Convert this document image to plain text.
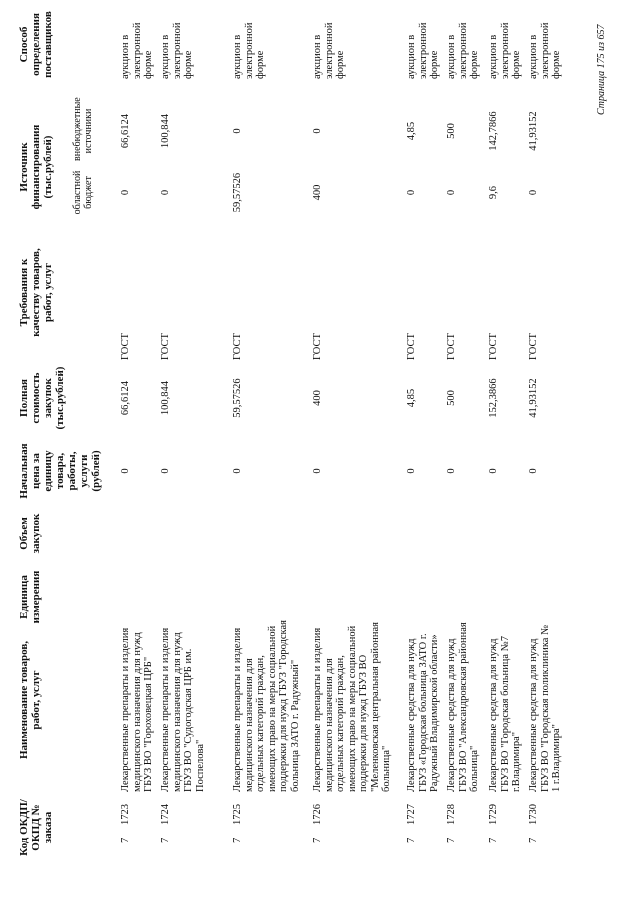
Код ОКДП/ ОКПД № заказа
Наименование товаров, работ, услуг
Единица измерения
Объем закупок
Начальная цена за единицу товара, работы, услуги (рублей)
Полная стоимость закупок (тыс.рублей)
Требования к качеству товаров, работ, услуг
Источник финансирования (тыс.рублей) областной бюджет
внебюджетные источники
Способ определения поставщиков
7
1723
Лекарственные препараты и изделия медицинского назначения для нужд ГБУЗ ВО "Гороховецкая ЦРБ"
0
66,6124
ГОСТ
0
66,6124
аукцион в электронной форме
7
1724
Лекарственные препараты и изделия медицинского назначения для нужд ГБУЗ ВО "Судогодская ЦРБ им. Поспелова"
0
100,844
ГОСТ
0
100,844
аукцион в электронной форме
7
1725
Лекарственные препараты и изделия медицинского назначения для отдельных категорий граждан, имеющих право на меры социальной поддержки для нужд ГБУЗ "Городская больница ЗАТО г. Радужный"
0
59,57526
ГОСТ
59,57526
0
аукцион в электронной форме
7
1726
Лекарственные препараты и изделия медицинского назначения для отдельных категорий граждан, имеющих право на меры социальной поддержки для нужд ГБУЗ ВО "Меленковская центральная районная больница"
0
400
ГОСТ
400
0
аукцион в электронной форме
7
1727
Лекарственные средства для нужд ГБУЗ «Городская больница ЗАТО г. Радужный Владимирской области»
0
4,85
ГОСТ
0
4,85
аукцион в электронной форме
7
1728
Лекарственные средства для нужд ГБУЗ ВО "Александровская районная больница"
0
500
ГОСТ
0
500
аукцион в электронной форме
7
1729
Лекарственные средства для нужд ГБУЗ ВО "Городская больница №7 г.Владимира"
0
152,3866
ГОСТ
9,6
142,7866
аукцион в электронной форме
7
1730
Лекарственные средства для нужд ГБУЗ ВО "Городская поликлиника № 1 г.Владимира"
0
41,93152
ГОСТ
0
41,93152
аукцион в электронной форме	Страница 175 из 657
